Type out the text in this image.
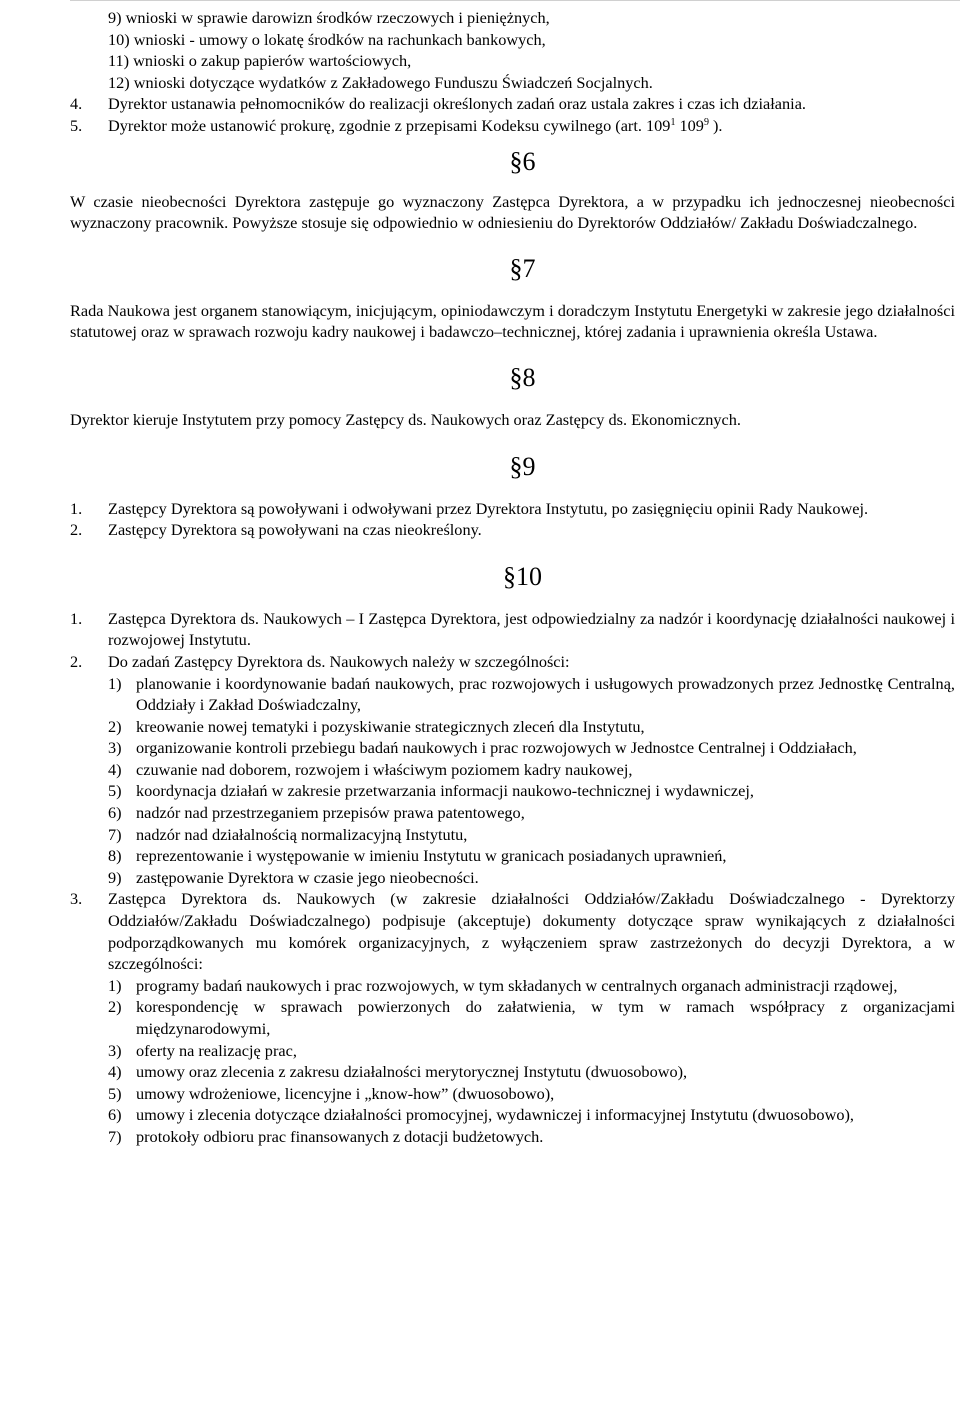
9) wnioski w sprawie darowizn środków rzeczowych i pieniężnych,
10) wnioski - umowy o lokatę środków na rachunkach bankowych,
11) wnioski o zakup papierów wartościowych,
12) wnioski dotyczące wydatków z Zakładowego Funduszu Świadczeń Socjalnych.
4.	Dyrektor ustanawia pełnomocników do realizacji określonych zadań oraz ustala zakres i czas ich działania.
5.	Dyrektor może ustanowić prokurę, zgodnie z przepisami Kodeksu cywilnego (art. $109^1$ $109^9$ ).
§6
W czasie nieobecności Dyrektora zastępuje go wyznaczony Zastępca Dyrektora, a w przypadku ich jednoczesnej nieobecności wyznaczony pracownik. Powyższe stosuje się odpowiednio w odniesieniu do Dyrektorów Oddziałów/ Zakładu Doświadczalnego.
§7
Rada Naukowa jest organem stanowiącym, inicjującym, opiniodawczym i doradczym Instytutu Energetyki w zakresie jego działalności statutowej oraz w sprawach rozwoju kadry naukowej i badawczo–technicznej, której zadania i uprawnienia określa Ustawa.
§8
Dyrektor kieruje Instytutem przy pomocy Zastępcy ds. Naukowych oraz Zastępcy ds. Ekonomicznych.
§9
1.	Zastępcy Dyrektora są powoływani i odwoływani przez Dyrektora Instytutu, po zasięgnięciu opinii Rady Naukowej.
2.	Zastępcy Dyrektora są powoływani na czas nieokreślony.
§10
1.	Zastępca Dyrektora ds. Naukowych – I Zastępca Dyrektora, jest odpowiedzialny za nadzór i koordynację działalności naukowej i rozwojowej Instytutu.
2.	Do zadań Zastępcy Dyrektora ds. Naukowych należy w szczególności:
1) planowanie i koordynowanie badań naukowych, prac rozwojowych i usługowych prowadzonych przez Jednostkę Centralną, Oddziały i Zakład Doświadczalny,
2) kreowanie nowej tematyki i pozyskiwanie strategicznych zleceń dla Instytutu,
3) organizowanie kontroli przebiegu badań naukowych i prac rozwojowych w Jednostce Centralnej i Oddziałach,
4) czuwanie nad doborem, rozwojem i właściwym poziomem kadry naukowej,
5) koordynacja działań w zakresie przetwarzania informacji naukowo-technicznej i wydawniczej,
6) nadzór nad przestrzeganiem przepisów prawa patentowego,
7) nadzór nad działalnością normalizacyjną Instytutu,
8) reprezentowanie i występowanie w imieniu Instytutu w granicach posiadanych uprawnień,
9) zastępowanie Dyrektora w czasie jego nieobecności.
3.	Zastępca Dyrektora ds. Naukowych (w zakresie działalności Oddziałów/Zakładu Doświadczalnego - Dyrektorzy Oddziałów/Zakładu Doświadczalnego) podpisuje (akceptuje) dokumenty dotyczące spraw wynikających z działalności podporządkowanych mu komórek organizacyjnych, z wyłączeniem spraw zastrzeżonych do decyzji Dyrektora, a w szczególności:
1) programy badań naukowych i prac rozwojowych, w tym składanych w centralnych organach administracji rządowej,
2) korespondencję w sprawach powierzonych do załatwienia, w tym w ramach współpracy z organizacjami międzynarodowymi,
3) oferty na realizację prac,
4) umowy oraz zlecenia z zakresu działalności merytorycznej Instytutu (dwuosobowo),
5) umowy wdrożeniowe, licencyjne i „know-how” (dwuosobowo),
6) umowy i zlecenia dotyczące działalności promocyjnej, wydawniczej i informacyjnej Instytutu (dwuosobowo),
7) protokoły odbioru prac finansowanych z dotacji budżetowych.
